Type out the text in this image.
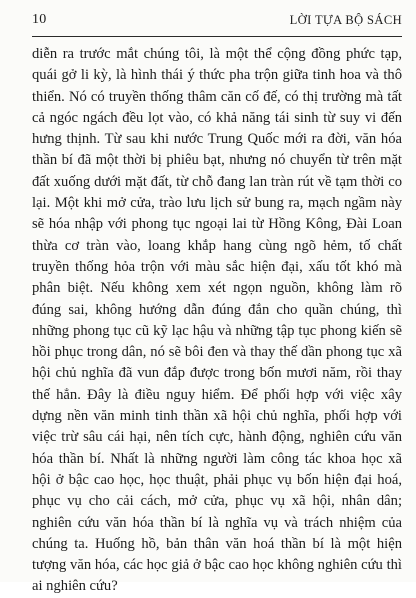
10	LỜI TỰA BỘ SÁCH
diễn ra trước mắt chúng tôi, là một thể cộng đồng phức tạp,
quái gở li kỳ, là hình thái ý thức pha trộn giữa tinh hoa và thô
thiển. Nó có truyền thống thâm căn cố đế, có thị trường mà tất
cả ngóc ngách đều lọt vào, có khả năng tái sinh từ suy vi đến
hưng thịnh. Từ sau khi nước Trung Quốc mới ra đời, văn hóa
thần bí đã một thời bị phiêu bạt, nhưng nó chuyển từ trên mặt
đất xuống dưới mặt đất, từ chỗ đang lan tràn rút về tạm thời co
lại. Một khi mở cửa, trào lưu lịch sử bung ra, mạch ngầm này
sẽ hóa nhập với phong tục ngoại lai từ Hồng Kông, Đài Loan
thừa cơ tràn vào, loang khắp hang cùng ngõ hẻm, tố chất
truyền thống hỏa trộn với màu sắc hiện đại, xấu tốt khó mà
phân biệt. Nếu không xem xét ngọn nguồn, không làm rõ
đúng sai, không hướng dẫn đúng đắn cho quần chúng, thì
những phong tục cũ kỹ lạc hậu và những tập tục phong kiến sẽ
hồi phục trong dân, nó sẽ bôi đen và thay thế dần phong tục xã
hội chủ nghĩa đã vun đắp được trong bốn mươi năm, rồi thay
thế hẳn. Đây là điều nguy hiểm. Để phối hợp với việc xây
dựng nền văn minh tinh thần xã hội chủ nghĩa, phối hợp với
việc trừ sâu cái hại, nên tích cực, hành động, nghiên cứu văn
hóa thần bí. Nhất là những người làm công tác khoa học xã
hội ở bậc cao học, học thuật, phải phục vụ bốn hiện đại hoá,
phục vụ cho cải cách, mở cửa, phục vụ xã hội, nhân dân;
nghiên cứu văn hóa thần bí là nghĩa vụ và trách nhiệm của
chúng ta. Huống hồ, bản thân văn hoá thần bí là một hiện
tượng văn hóa, các học giả ở bậc cao học không nghiên cứu thì
ai nghiên cứu?
